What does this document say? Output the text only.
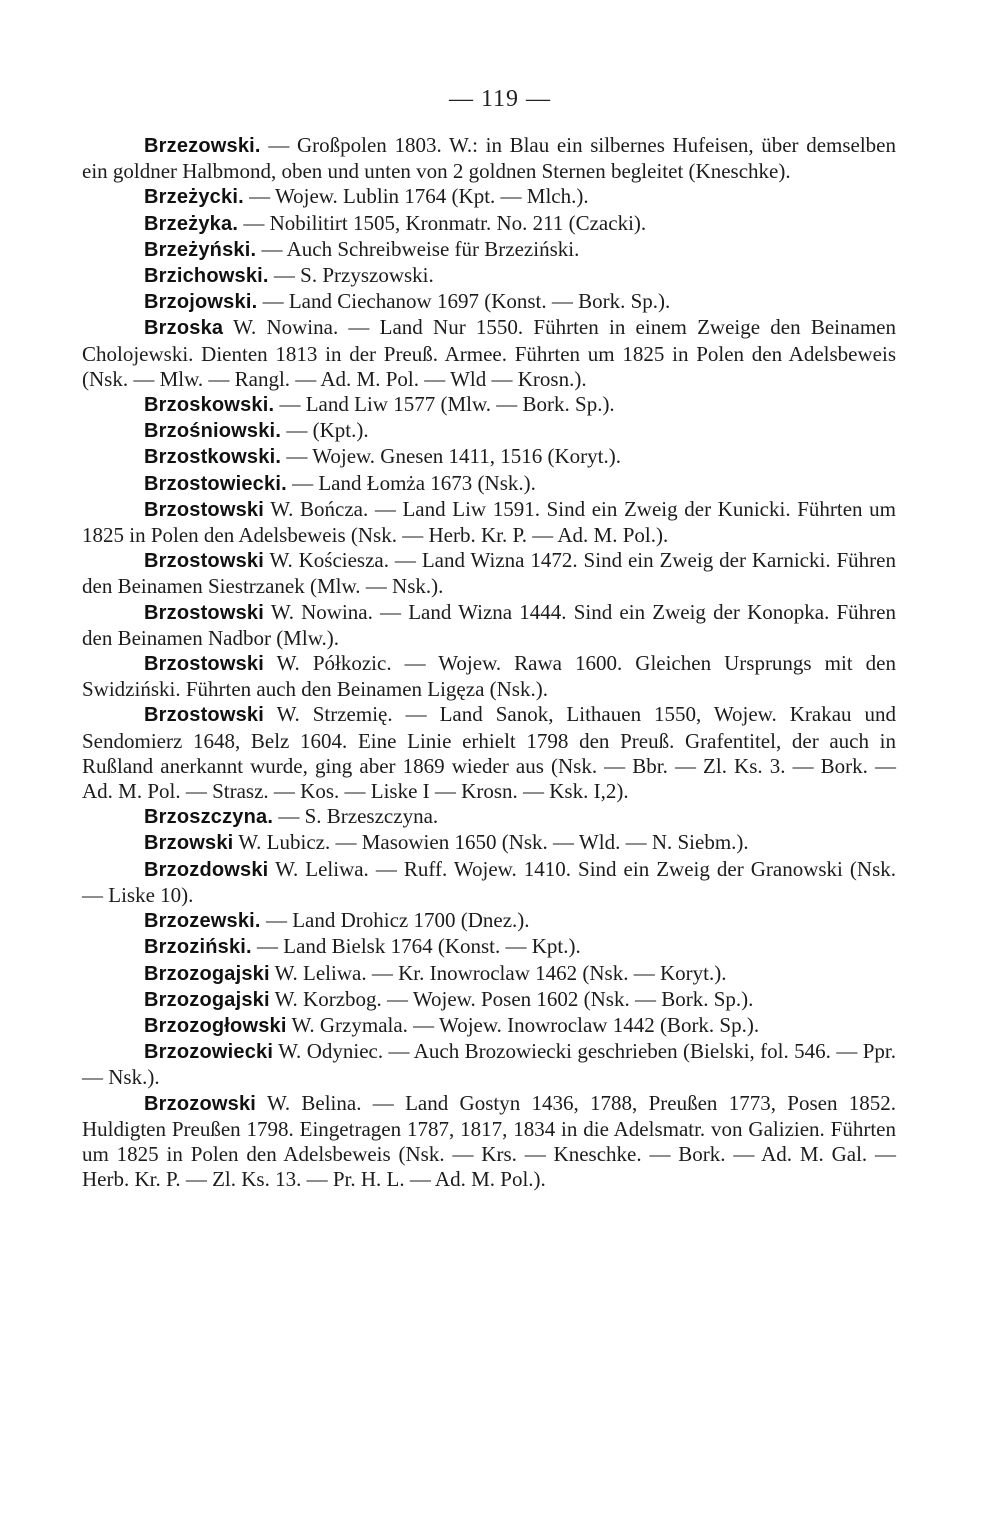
— 119 —

Brzezowski. — Großpolen 1803. W.: in Blau ein silbernes Hufeisen, über demselben ein goldner Halbmond, oben und unten von 2 goldnen Sternen begleitet (Kneschke).

Brzeżycki. — Wojew. Lublin 1764 (Kpt. — Mlch.).

Brzeżyka. — Nobilitirt 1505, Kronmatr. No. 211 (Czacki).

Brzeżyński. — Auch Schreibweise für Brzeziński.

Brzichowski. — S. Przyszowski.

Brzojowski. — Land Ciechanow 1697 (Konst. — Bork. Sp.).

Brzoska W. Nowina. — Land Nur 1550. Führten in einem Zweige den Beinamen Cholojewski. Dienten 1813 in der Preuß. Armee. Führten um 1825 in Polen den Adelsbeweis (Nsk. — Mlw. — Rangl. — Ad. M. Pol. — Wld — Krosn.).

Brzoskowski. — Land Liw 1577 (Mlw. — Bork. Sp.).

Brzośniowski. — (Kpt.).

Brzostkowski. — Wojew. Gnesen 1411, 1516 (Koryt.).

Brzostowiecki. — Land Łomża 1673 (Nsk.).

Brzostowski W. Bończa. — Land Liw 1591. Sind ein Zweig der Kunicki. Führten um 1825 in Polen den Adelsbeweis (Nsk. — Herb. Kr. P. — Ad. M. Pol.).

Brzostowski W. Kościesza. — Land Wizna 1472. Sind ein Zweig der Karnicki. Führen den Beinamen Siestrzanek (Mlw. — Nsk.).

Brzostowski W. Nowina. — Land Wizna 1444. Sind ein Zweig der Konopka. Führen den Beinamen Nadbor (Mlw.).

Brzostowski W. Półkozic. — Wojew. Rawa 1600. Gleichen Ursprungs mit den Swidziński. Führten auch den Beinamen Ligęza (Nsk.).

Brzostowski W. Strzemię. — Land Sanok, Lithauen 1550, Wojew. Krakau und Sendomierz 1648, Belz 1604. Eine Linie erhielt 1798 den Preuß. Grafentitel, der auch in Rußland anerkannt wurde, ging aber 1869 wieder aus (Nsk. — Bbr. — Zl. Ks. 3. — Bork. — Ad. M. Pol. — Strasz. — Kos. — Liske I — Krosn. — Ksk. I,2).

Brzoszczyna. — S. Brzeszczyna.

Brzowski W. Lubicz. — Masowien 1650 (Nsk. — Wld. — N. Siebm.).

Brzozdowski W. Leliwa. — Ruff. Wojew. 1410. Sind ein Zweig der Granowski (Nsk. — Liske 10).

Brzozewski. — Land Drohicz 1700 (Dnez.).

Brzoziński. — Land Bielsk 1764 (Konst. — Kpt.).

Brzozogajski W. Leliwa. — Kr. Inowroclaw 1462 (Nsk. — Koryt.).

Brzozogajski W. Korzbog. — Wojew. Posen 1602 (Nsk. — Bork. Sp.).

Brzozogłowski W. Grzymala. — Wojew. Inowroclaw 1442 (Bork. Sp.).

Brzozowiecki W. Odyniec. — Auch Brozowiecki geschrieben (Bielski, fol. 546. — Ppr. — Nsk.).

Brzozowski W. Belina. — Land Gostyn 1436, 1788, Preußen 1773, Posen 1852. Huldigten Preußen 1798. Eingetragen 1787, 1817, 1834 in die Adelsmatr. von Galizien. Führten um 1825 in Polen den Adelsbeweis (Nsk. — Krs. — Kneschke. — Bork. — Ad. M. Gal. — Herb. Kr. P. — Zl. Ks. 13. — Pr. H. L. — Ad. M. Pol.).
